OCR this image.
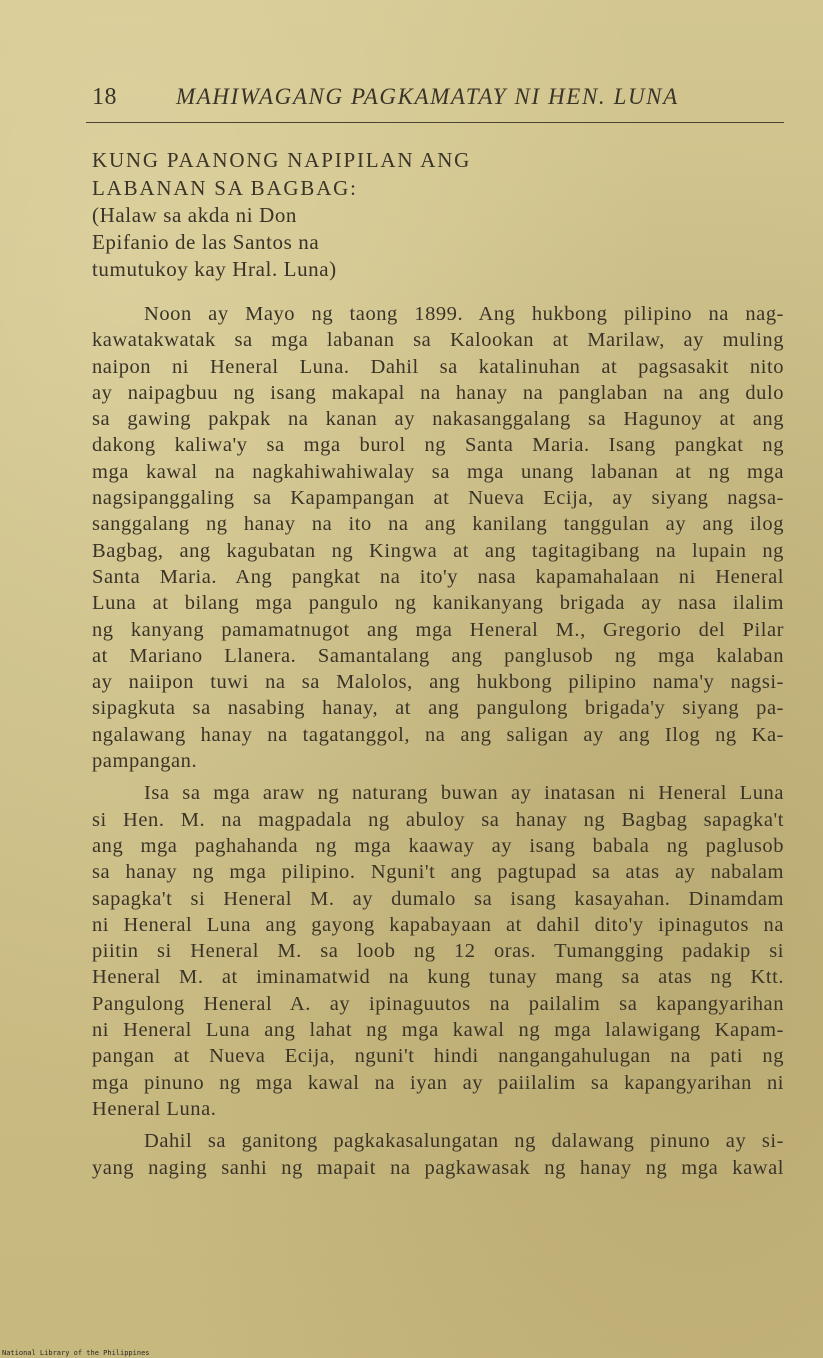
18	MAHIWAGANG PAGKAMATAY NI HEN. LUNA
KUNG PAANONG NAPIPILAN ANG
LABANAN SA BAGBAG:
(Halaw sa akda ni Don
Epifanio de las Santos na
tumutukoy kay Hral. Luna)
Noon ay Mayo ng taong 1899. Ang hukbong pilipino na nag-
kawatakwatak sa mga labanan sa Kalookan at Marilaw, ay muling
naipon ni Heneral Luna. Dahil sa katalinuhan at pagsasakit nito
ay naipagbuu ng isang makapal na hanay na panglaban na ang dulo
sa gawing pakpak na kanan ay nakasanggalang sa Hagunoy at ang
dakong kaliwa'y sa mga burol ng Santa Maria. Isang pangkat ng
mga kawal na nagkahiwahiwalay sa mga unang labanan at ng mga
nagsipanggaling sa Kapampangan at Nueva Ecija, ay siyang nagsa-
sanggalang ng hanay na ito na ang kanilang tanggulan ay ang ilog
Bagbag, ang kagubatan ng Kingwa at ang tagitagibang na lupain ng
Santa Maria. Ang pangkat na ito'y nasa kapamahalaan ni Heneral
Luna at bilang mga pangulo ng kanikanyang brigada ay nasa ilalim
ng kanyang pamamatnugot ang mga Heneral M., Gregorio del Pilar
at Mariano Llanera. Samantalang ang panglusob ng mga kalaban
ay naiipon tuwi na sa Malolos, ang hukbong pilipino nama'y nagsi-
sipagkuta sa nasabing hanay, at ang pangulong brigada'y siyang pa-
ngalawang hanay na tagatanggol, na ang saligan ay ang Ilog ng Ka-
pampangan.
Isa sa mga araw ng naturang buwan ay inatasan ni Heneral Luna
si Hen. M. na magpadala ng abuloy sa hanay ng Bagbag sapagka't
ang mga paghahanda ng mga kaaway ay isang babala ng paglusob
sa hanay ng mga pilipino. Nguni't ang pagtupad sa atas ay nabalam
sapagka't si Heneral M. ay dumalo sa isang kasayahan. Dinamdam
ni Heneral Luna ang gayong kapabayaan at dahil dito'y ipinagutos na
piitin si Heneral M. sa loob ng 12 oras. Tumangging padakip si
Heneral M. at iminamatwid na kung tunay mang sa atas ng Ktt.
Pangulong Heneral A. ay ipinaguutos na pailalim sa kapangyarihan
ni Heneral Luna ang lahat ng mga kawal ng mga lalawigang Kapam-
pangan at Nueva Ecija, nguni't hindi nangangahulugan na pati ng
mga pinuno ng mga kawal na iyan ay paiilalim sa kapangyarihan ni
Heneral Luna.
Dahil sa ganitong pagkakasalungatan ng dalawang pinuno ay si-
yang naging sanhi ng mapait na pagkawasak ng hanay ng mga kawal
National Library of the Philippines
